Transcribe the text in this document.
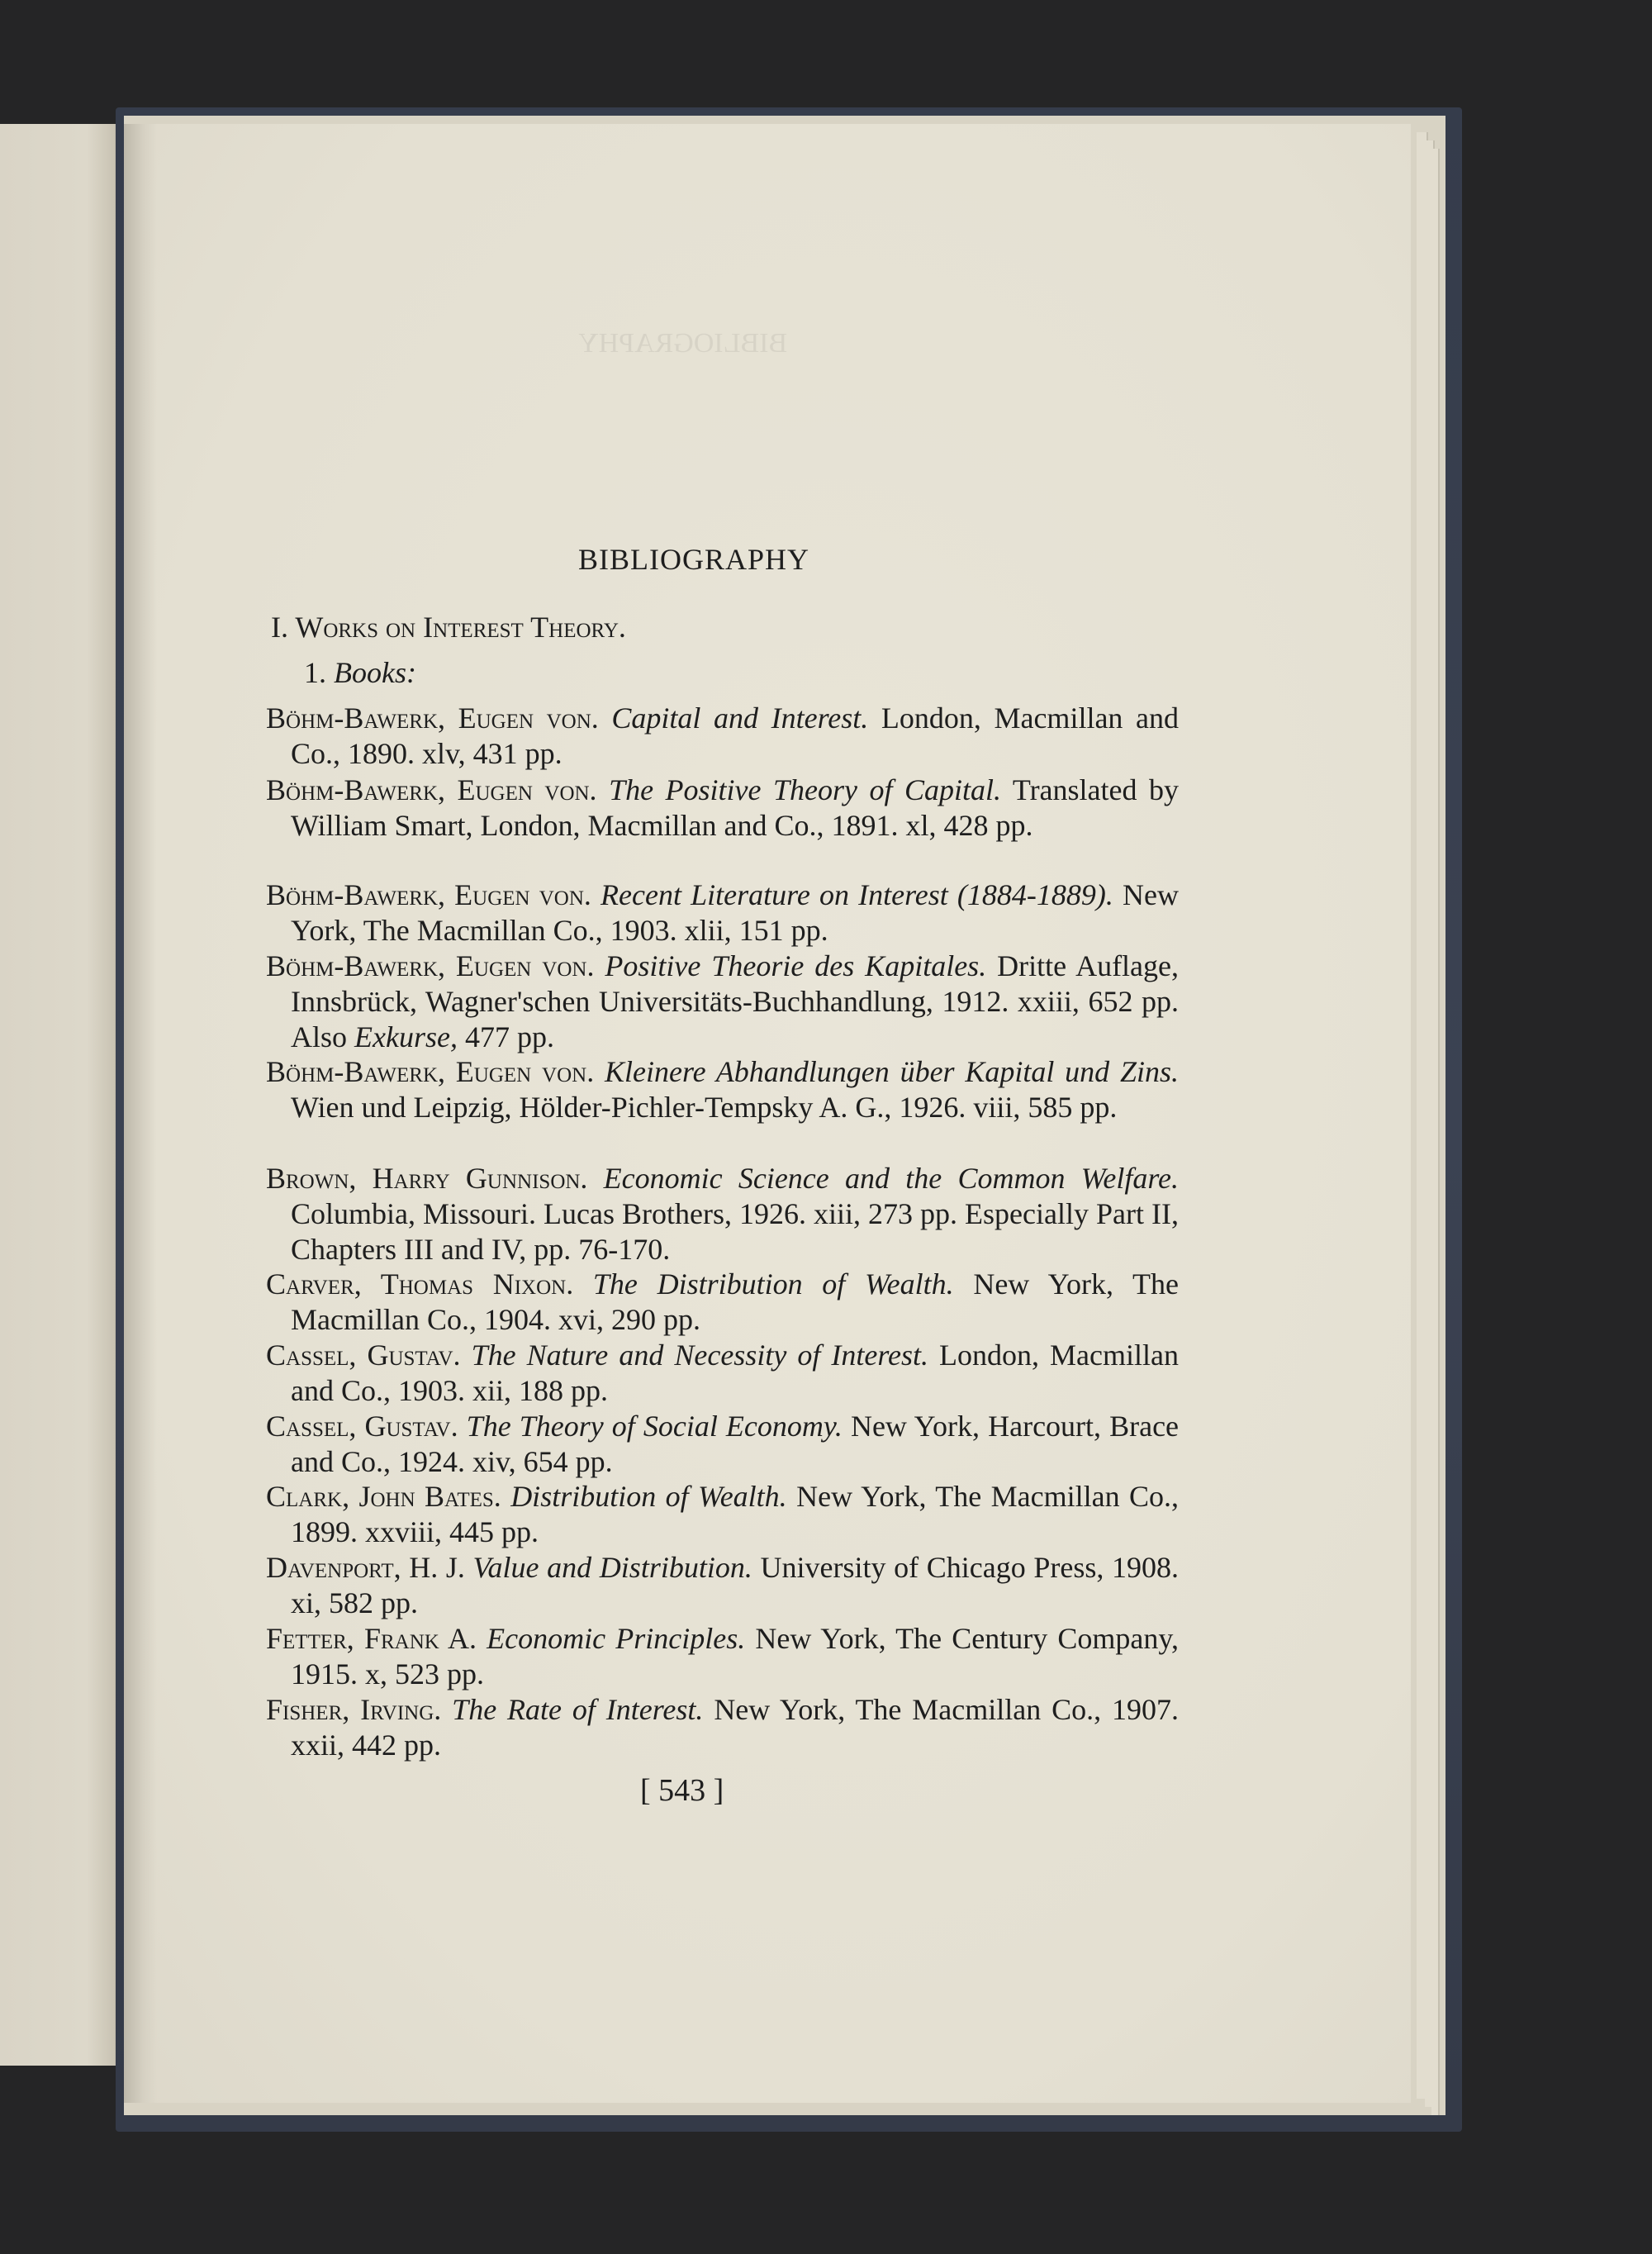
BIBLIOGRAPHY
BIBLIOGRAPHY
I. Works on Interest Theory.
1. Books:
Böhm-Bawerk, Eugen von. Capital and Interest. London, Macmillan and Co., 1890. xlv, 431 pp.
Böhm-Bawerk, Eugen von. The Positive Theory of Capital. Translated by William Smart, London, Macmillan and Co., 1891. xl, 428 pp.
Böhm-Bawerk, Eugen von. Recent Literature on Interest (1884-1889). New York, The Macmillan Co., 1903. xlii, 151 pp.
Böhm-Bawerk, Eugen von. Positive Theorie des Kapitales. Dritte Auflage, Innsbrück, Wagner'schen Universitäts-Buchhandlung, 1912. xxiii, 652 pp. Also Exkurse, 477 pp.
Böhm-Bawerk, Eugen von. Kleinere Abhandlungen über Kapital und Zins. Wien und Leipzig, Hölder-Pichler-Tempsky A. G., 1926. viii, 585 pp.
Brown, Harry Gunnison. Economic Science and the Common Welfare. Columbia, Missouri. Lucas Brothers, 1926. xiii, 273 pp. Especially Part II, Chapters III and IV, pp. 76-170.
Carver, Thomas Nixon. The Distribution of Wealth. New York, The Macmillan Co., 1904. xvi, 290 pp.
Cassel, Gustav. The Nature and Necessity of Interest. London, Macmillan and Co., 1903. xii, 188 pp.
Cassel, Gustav. The Theory of Social Economy. New York, Harcourt, Brace and Co., 1924. xiv, 654 pp.
Clark, John Bates. Distribution of Wealth. New York, The Macmillan Co., 1899. xxviii, 445 pp.
Davenport, H. J. Value and Distribution. University of Chicago Press, 1908. xi, 582 pp.
Fetter, Frank A. Economic Principles. New York, The Century Company, 1915. x, 523 pp.
Fisher, Irving. The Rate of Interest. New York, The Macmillan Co., 1907. xxii, 442 pp.
[ 543 ]
